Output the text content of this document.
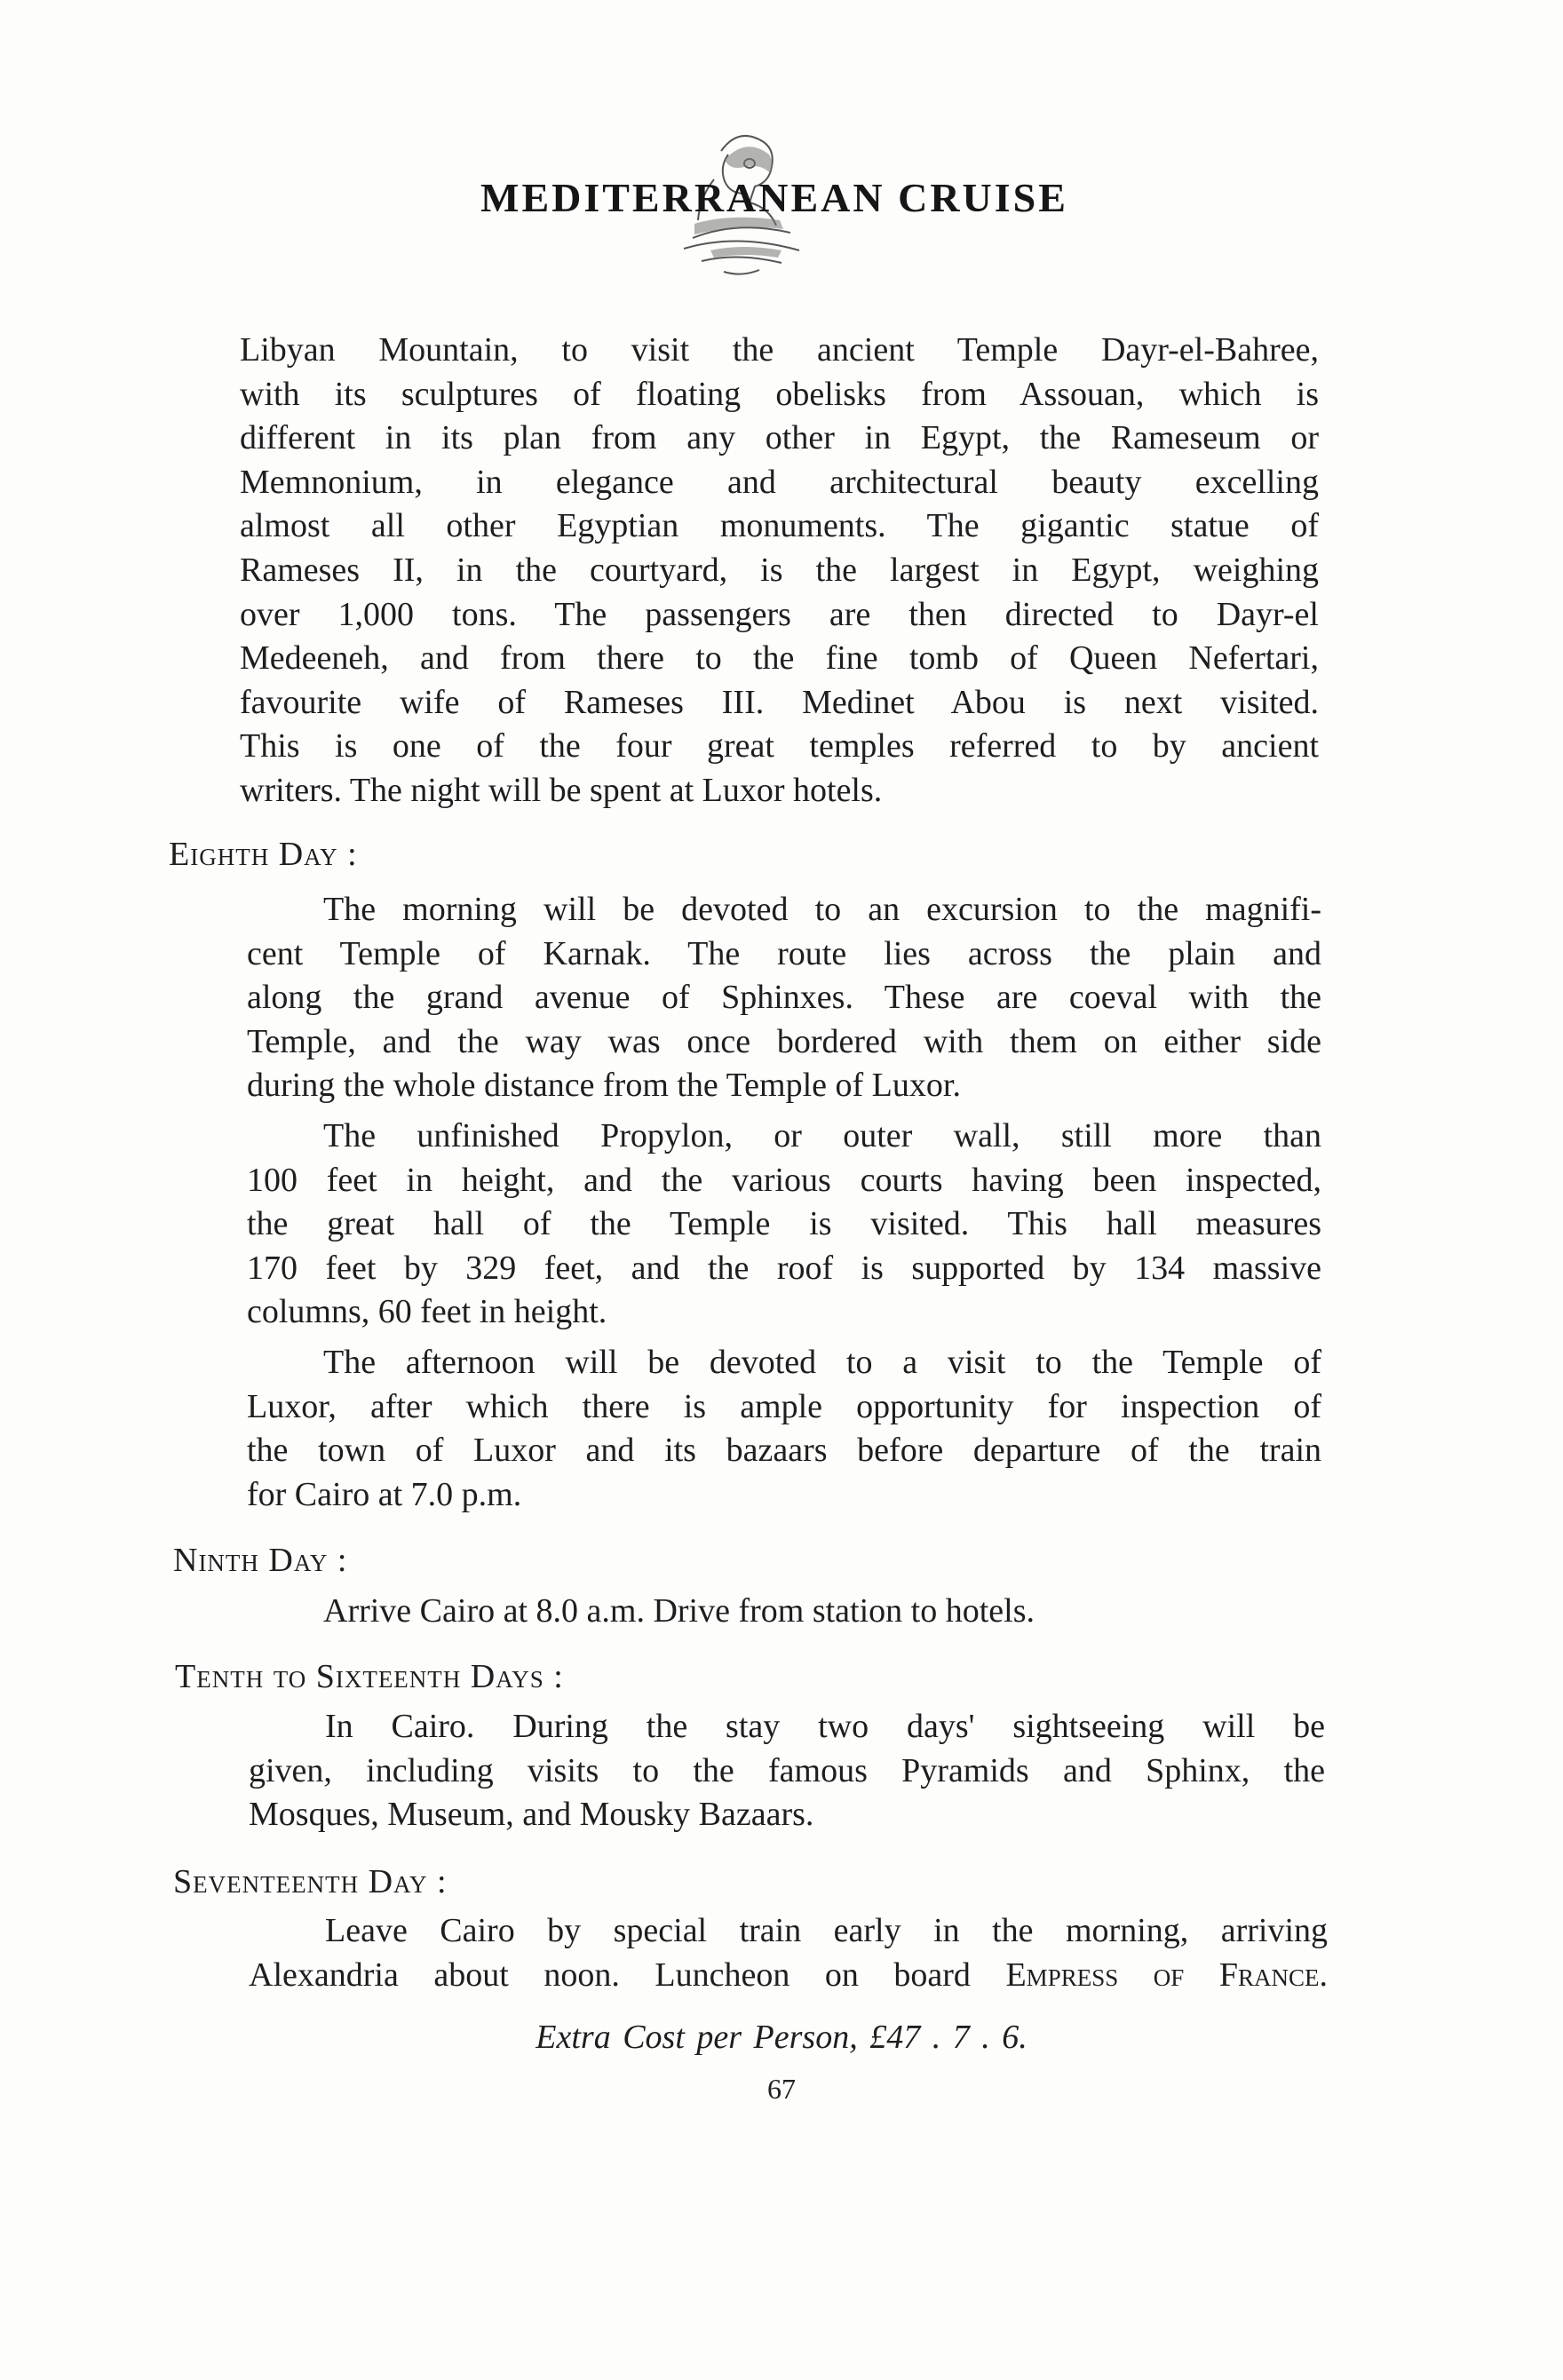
MEDITERRANEAN CRUISE
Libyan Mountain, to visit the ancient Temple Dayr-el-Bahree,
with its sculptures of floating obelisks from Assouan, which is
different in its plan from any other in Egypt, the Rameseum or
Memnonium, in elegance and architectural beauty excelling
almost all other Egyptian monuments. The gigantic statue of
Rameses II, in the courtyard, is the largest in Egypt, weighing
over 1,000 tons. The passengers are then directed to Dayr-el
Medeeneh, and from there to the fine tomb of Queen Nefertari,
favourite wife of Rameses III. Medinet Abou is next visited.
This is one of the four great temples referred to by ancient
writers. The night will be spent at Luxor hotels.
Eighth Day :
The morning will be devoted to an excursion to the magnifi-
cent Temple of Karnak. The route lies across the plain and
along the grand avenue of Sphinxes. These are coeval with the
Temple, and the way was once bordered with them on either side
during the whole distance from the Temple of Luxor.
The unfinished Propylon, or outer wall, still more than
100 feet in height, and the various courts having been inspected,
the great hall of the Temple is visited. This hall measures
170 feet by 329 feet, and the roof is supported by 134 massive
columns, 60 feet in height.
The afternoon will be devoted to a visit to the Temple of
Luxor, after which there is ample opportunity for inspection of
the town of Luxor and its bazaars before departure of the train
for Cairo at 7.0 p.m.
Ninth Day :
Arrive Cairo at 8.0 a.m. Drive from station to hotels.
Tenth to Sixteenth Days :
In Cairo. During the stay two days' sightseeing will be
given, including visits to the famous Pyramids and Sphinx, the
Mosques, Museum, and Mousky Bazaars.
Seventeenth Day :
Leave Cairo by special train early in the morning, arriving
Alexandria about noon. Luncheon on board Empress of France.
Extra Cost per Person, £47 . 7 . 6.
67
